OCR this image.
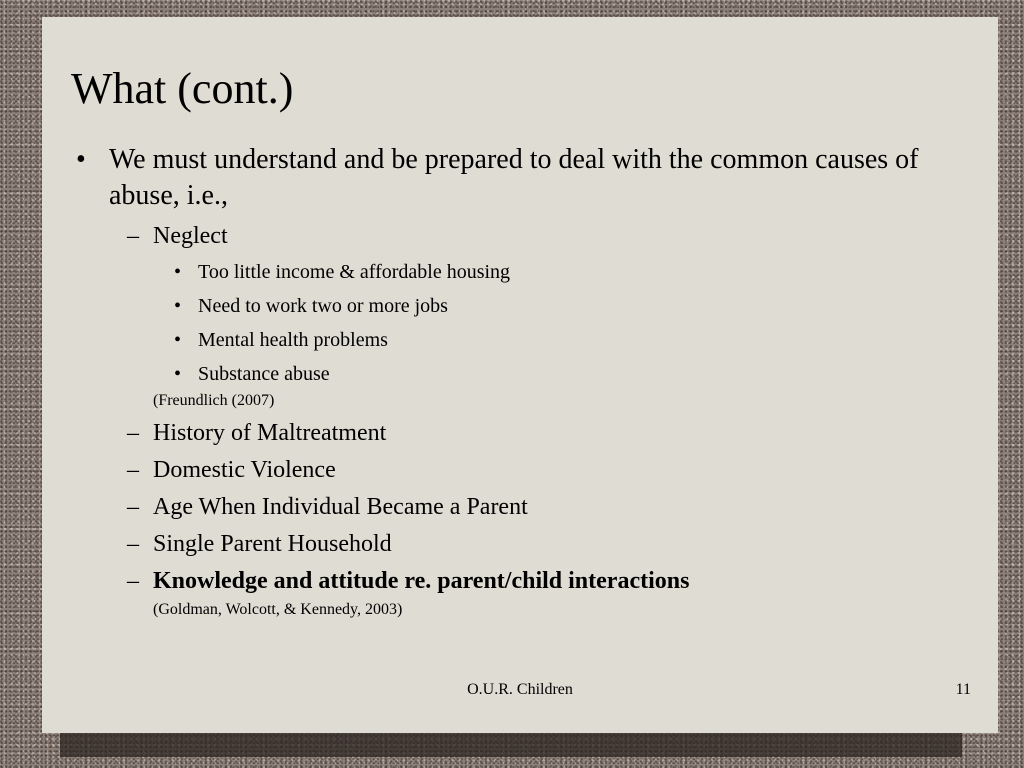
What (cont.)
• We must understand and be prepared to deal with the common causes of abuse, i.e.,
– Neglect
• Too little income & affordable housing
• Need to work two or more jobs
• Mental health problems
• Substance abuse
(Freundlich (2007)
– History of Maltreatment
– Domestic Violence
– Age When Individual Became a Parent
– Single Parent Household
– Knowledge and attitude re. parent/child interactions
(Goldman, Wolcott, & Kennedy, 2003)
O.U.R. Children	11
